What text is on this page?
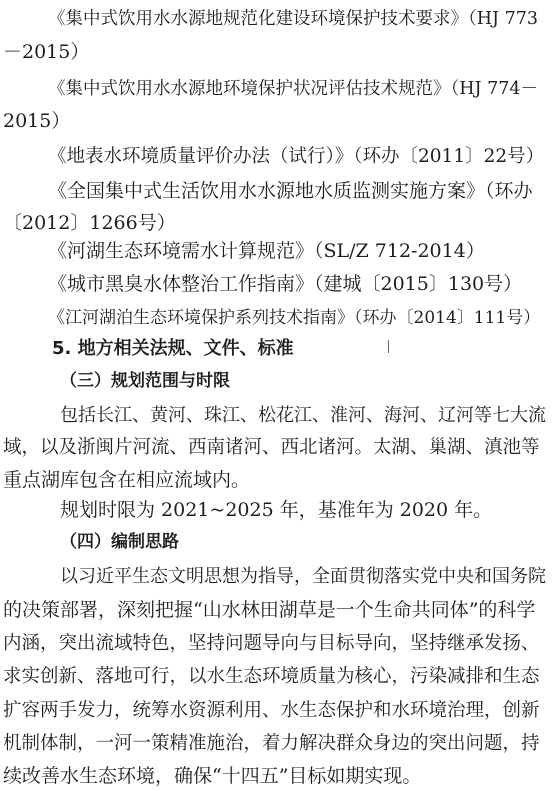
《集中式饮用水水源地规范化建设环境保护技术要求》（HJ 773
－2015）
《集中式饮用水水源地环境保护状况评估技术规范》（HJ 774－
2015）
《地表水环境质量评价办法（试行）》（环办〔2011〕22号）
《全国集中式生活饮用水水源地水质监测实施方案》（环办
〔2012〕1266号）
《河湖生态环境需水计算规范》（SL/Z 712-2014）
《城市黑臭水体整治工作指南》（建城〔2015〕130号）
《江河湖泊生态环境保护系列技术指南》（环办〔2014〕111号）
5. 地方相关法规、文件、标准
（三）规划范围与时限
包括长江、黄河、珠江、松花江、淮河、海河、辽河等七大流
域，以及浙闽片河流、西南诸河、西北诸河。太湖、巢湖、滇池等
重点湖库包含在相应流域内。
规划时限为 2021~2025 年，基准年为 2020 年。
（四）编制思路
以习近平生态文明思想为指导，全面贯彻落实党中央和国务院
的决策部署，深刻把握“山水林田湖草是一个生命共同体”的科学
内涵，突出流域特色，坚持问题导向与目标导向，坚持继承发扬、
求实创新、落地可行，以水生态环境质量为核心，污染减排和生态
扩容两手发力，统筹水资源利用、水生态保护和水环境治理，创新
机制体制，一河一策精准施治，着力解决群众身边的突出问题，持
续改善水生态环境，确保“十四五”目标如期实现。
